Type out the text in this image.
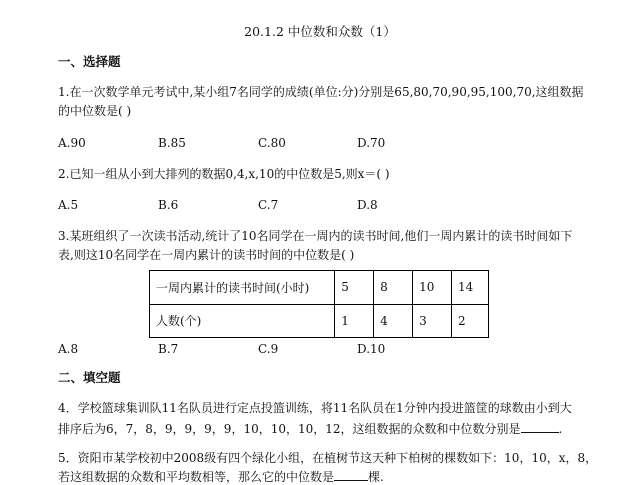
20.1.2 中位数和众数（1）
一、选择题
1.在一次数学单元考试中,某小组7名同学的成绩(单位:分)分别是65,80,70,90,95,100,70,这组数据
的中位数是( )
A.90	B.85	C.80	D.70
2.已知一组从小到大排列的数据0,4,x,10的中位数是5,则x＝( )
A.5	B.6	C.7	D.8
3.某班组织了一次读书活动,统计了10名同学在一周内的读书时间,他们一周内累计的读书时间如下
表,则这10名同学在一周内累计的读书时间的中位数是( )
一周内累计的读书时间(小时)	5	8	10	14
人数(个)	1	4	3	2
A.8	B.7	C.9	D.10
二、填空题
4．学校篮球集训队11名队员进行定点投篮训练，将11名队员在1分钟内投进篮筐的球数由小到大
排序后为6，7，8，9，9，9，9，10，10，10，12，这组数据的众数和中位数分别是	.
5．资阳市某学校初中2008级有四个绿化小组，在植树节这天种下柏树的棵数如下：10，10，x，8，
若这组数据的众数和平均数相等，那么它的中位数是	棵.
